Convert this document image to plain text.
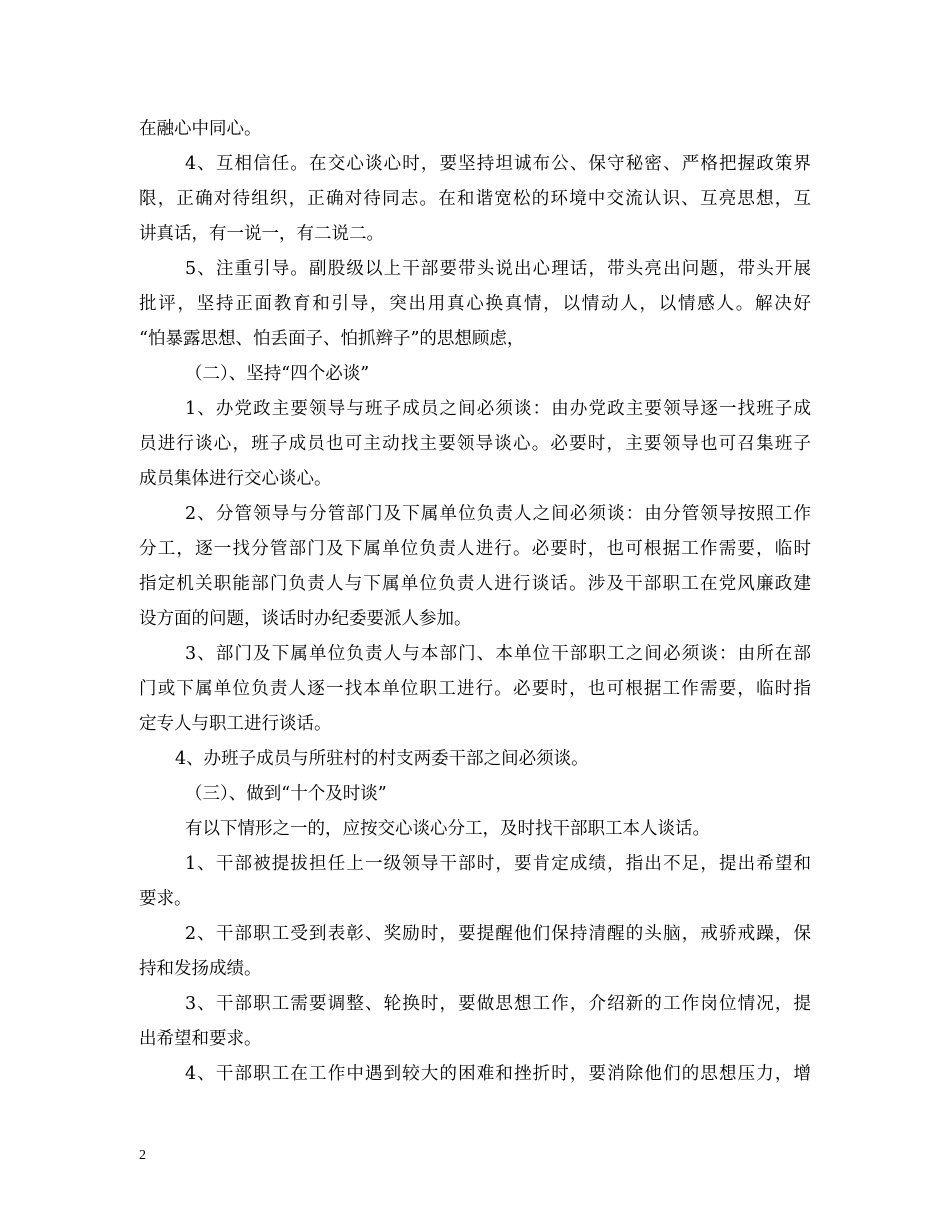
在融心中同心。
4、互相信任。在交心谈心时，要坚持坦诚布公、保守秘密、严格把握政策界
限，正确对待组织，正确对待同志。在和谐宽松的环境中交流认识、互亮思想，互
讲真话，有一说一，有二说二。
5、注重引导。副股级以上干部要带头说出心理话，带头亮出问题，带头开展
批评，坚持正面教育和引导，突出用真心换真情，以情动人，以情感人。解决好
“怕暴露思想、怕丢面子、怕抓辫子”的思想顾虑，
（二）、坚持“四个必谈”
1、办党政主要领导与班子成员之间必须谈：由办党政主要领导逐一找班子成
员进行谈心，班子成员也可主动找主要领导谈心。必要时，主要领导也可召集班子
成员集体进行交心谈心。
2、分管领导与分管部门及下属单位负责人之间必须谈：由分管领导按照工作
分工，逐一找分管部门及下属单位负责人进行。必要时，也可根据工作需要，临时
指定机关职能部门负责人与下属单位负责人进行谈话。涉及干部职工在党风廉政建
设方面的问题，谈话时办纪委要派人参加。
3、部门及下属单位负责人与本部门、本单位干部职工之间必须谈：由所在部
门或下属单位负责人逐一找本单位职工进行。必要时，也可根据工作需要，临时指
定专人与职工进行谈话。
4、办班子成员与所驻村的村支两委干部之间必须谈。
（三）、做到“十个及时谈”
有以下情形之一的，应按交心谈心分工，及时找干部职工本人谈话。
1、干部被提拔担任上一级领导干部时，要肯定成绩，指出不足，提出希望和
要求。
2、干部职工受到表彰、奖励时，要提醒他们保持清醒的头脑，戒骄戒躁，保
持和发扬成绩。
3、干部职工需要调整、轮换时，要做思想工作，介绍新的工作岗位情况，提
出希望和要求。
4、干部职工在工作中遇到较大的困难和挫折时，要消除他们的思想压力，增
2
